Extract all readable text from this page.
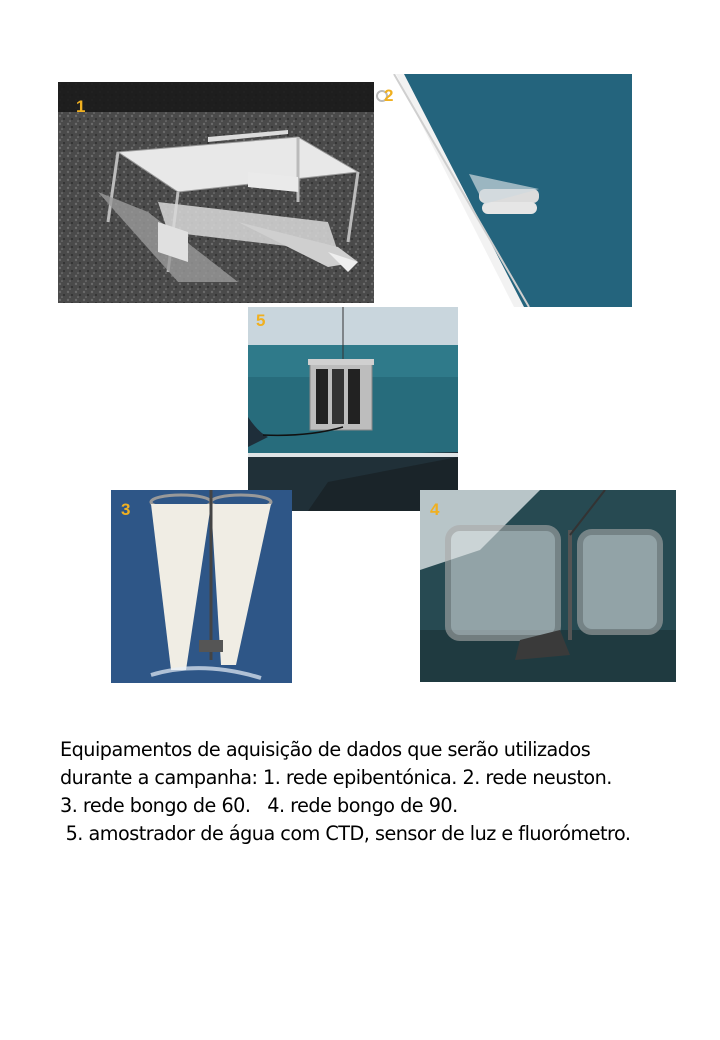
1
2
5
3	4
Equipamentos de aquisição de dados que serão utilizados
durante a campanha: 1. rede epibentónica. 2. rede neuston.
3. rede bongo de 60.   4. rede bongo de 90.
5. amostrador de água com CTD, sensor de luz e fluorómetro.
